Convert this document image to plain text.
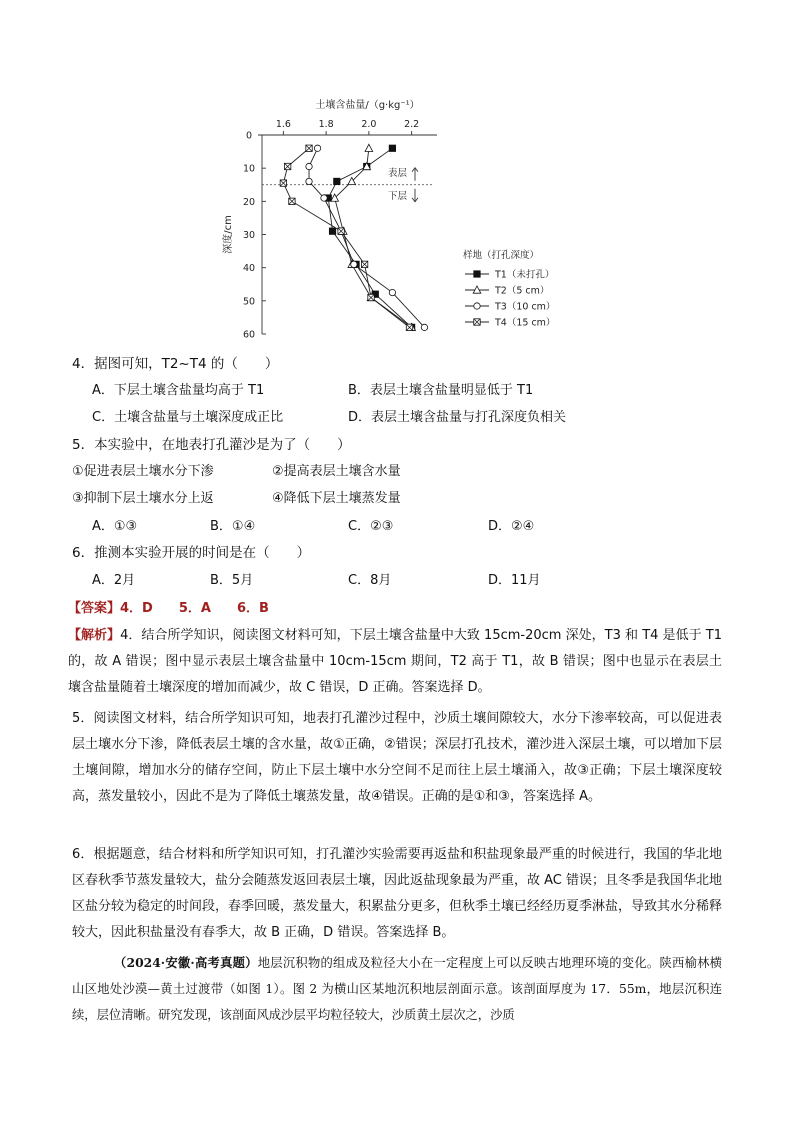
土壤含盐量/（g·kg⁻¹）
1.6	1.8	2.0	2.2
0
10
20
30
40
50
60
深度/cm
表层
下层
样地（打孔深度）
T1（未打孔）
T2（5 cm）
T3（10 cm）
T4（15 cm）
4．据图可知，T2~T4 的（　　）
A．下层土壤含盐量均高于 T1	B．表层土壤含盐量明显低于 T1
C．土壤含盐量与土壤深度成正比	D．表层土壤含盐量与打孔深度负相关
5．本实验中，在地表打孔灌沙是为了（　　）
①促进表层土壤水分下渗	②提高表层土壤含水量
③抑制下层土壤水分上返	④降低下层土壤蒸发量
A．①③	B．①④	C．②③	D．②④
6．推测本实验开展的时间是在（　　）
A．2月	B．5月	C．8月	D．11月
【答案】4．D　　5．A　　6．B

【解析】4．结合所学知识，阅读图文材料可知，下层土壤含盐量中大致 15cm-20cm 深处，T3 和 T4 是低于 T1 的，故 A 错误；图中显示表层土壤含盐量中 10cm-15cm 期间，T2 高于 T1，故 B 错误；图中也显示在表层土壤含盐量随着土壤深度的增加而减少，故 C 错误，D 正确。答案选择 D。

5．阅读图文材料，结合所学知识可知，地表打孔灌沙过程中，沙质土壤间隙较大，水分下渗率较高，可以促进表层土壤水分下渗，降低表层土壤的含水量，故①正确，②错误；深层打孔技术，灌沙进入深层土壤，可以增加下层土壤间隙，增加水分的储存空间，防止下层土壤中水分空间不足而往上层土壤涌入，故③正确；下层土壤深度较高，蒸发量较小，因此不是为了降低土壤蒸发量，故④错误。正确的是①和③，答案选择 A。
6．根据题意，结合材料和所学知识可知，打孔灌沙实验需要再返盐和积盐现象最严重的时候进行，我国的华北地区春秋季节蒸发量较大，盐分会随蒸发返回表层土壤，因此返盐现象最为严重，故 AC 错误；且冬季是我国华北地区盐分较为稳定的时间段，春季回暖，蒸发量大，积累盐分更多，但秋季土壤已经经历夏季淋盐，导致其水分稀释较大，因此积盐量没有春季大，故 B 正确，D 错误。答案选择 B。
（2024·安徽·高考真题）地层沉积物的组成及粒径大小在一定程度上可以反映古地理环境的变化。陕西榆林横山区地处沙漠—黄土过渡带（如图 1）。图 2 为横山区某地沉积地层剖面示意。该剖面厚度为 17．55m，地层沉积连续，层位清晰。研究发现，该剖面风成沙层平均粒径较大，沙质黄土层次之，沙质
